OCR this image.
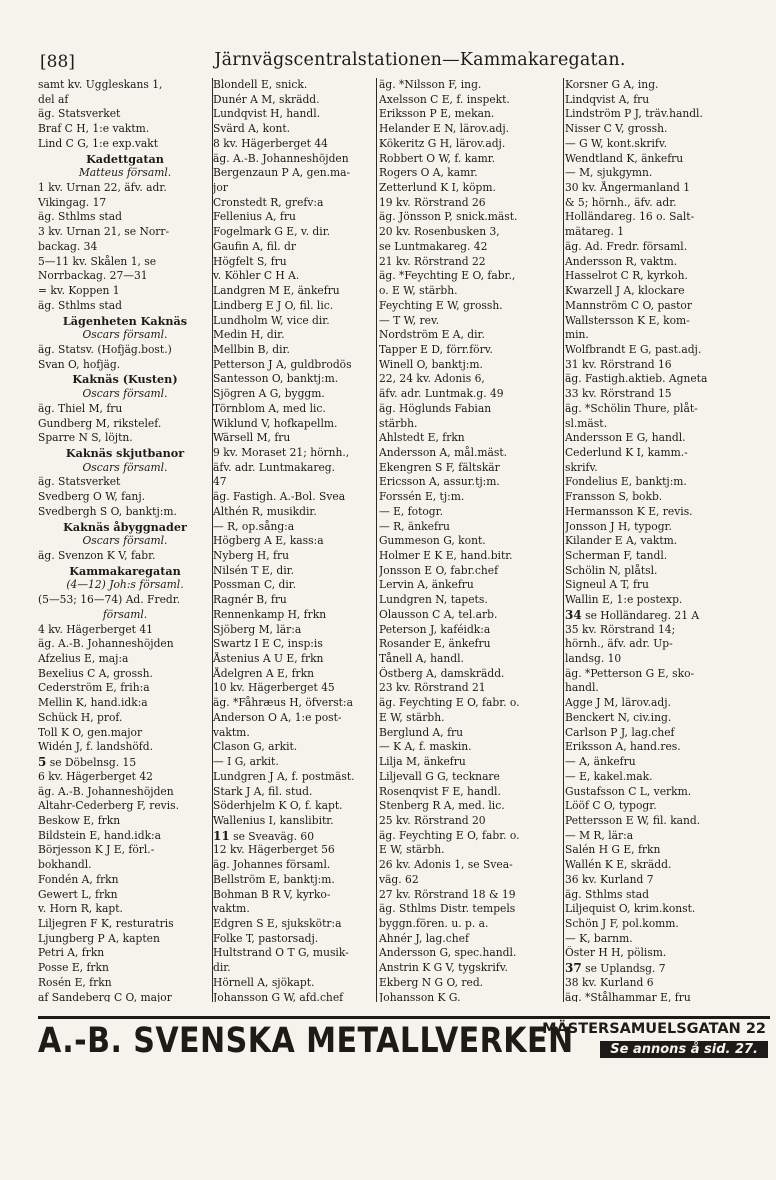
[88]	Järnvägscentralstationen—Kammakaregatan.
samt kv. Uggleskans 1,
del af
äg. Statsverket
Braf C H, 1:e vaktm.
Lind C G, 1:e exp.vakt
Kadettgatan
Matteus församl.
1 kv. Urnan 22, äfv. adr.
Vikingag. 17
äg. Sthlms stad
3 kv. Urnan 21, se Norr-
backag. 34
5—11 kv. Skålen 1, se
Norrbackag. 27—31
= kv. Koppen 1
äg. Sthlms stad
Lägenheten Kaknäs
Oscars församl.
äg. Statsv. (Hofjäg.bost.)
Svan O, hofjäg.
Kaknäs (Kusten)
Oscars församl.
äg. Thiel M, fru
Gundberg M, rikstelef.
Sparre N S, löjtn.
Kaknäs skjutbanor
Oscars församl.
äg. Statsverket
Svedberg O W, fanj.
Svedbergh S O, banktj:m.
Kaknäs åbyggnader
Oscars församl.
äg. Svenzon K V, fabr.
Kammakaregatan
(4—12) Joh:s församl.
(5—53; 16—74) Ad. Fredr.
församl.
4 kv. Hägerberget 41
äg. A.-B. Johanneshöjden
Afzelius E, maj:a
Bexelius C A, grossh.
Cederström E, frih:a
Mellin K, hand.idk:a
Schück H, prof.
Toll K O, gen.major
Widén J, f. landshöfd.
5 se Döbelnsg. 15
6 kv. Hägerberget 42
äg. A.-B. Johanneshöjden
Altahr-Cederberg F, revis.
Beskow E, frkn
Bildstein E, hand.idk:a
Börjesson K J E, förl.-
bokhandl.
Fondén A, frkn
Gewert L, frkn
v. Horn R, kapt.
Liljegren F K, resturatris
Ljungberg P A, kapten
Petri A, frkn
Posse E, frkn
Rosén E, frkn
af Sandeberg C O, major
Blondell E, snick.
Dunér A M, skrädd.
Lundqvist H, handl.
Svärd A, kont.
8 kv. Hägerberget 44
äg. A.-B. Johanneshöjden
Bergenzaun P A, gen.ma-
jor
Cronstedt R, grefv:a
Fellenius A, fru
Fogelmark G E, v. dir.
Gaufin A, fil. dr
Högfelt S, fru
v. Köhler C H A.
Landgren M E, änkefru
Lindberg E J O, fil. lic.
Lundholm W, vice dir.
Medin H, dir.
Mellbin B, dir.
Petterson J A, guldbrodös
Santesson O, banktj:m.
Sjögren A G, byggm.
Törnblom A, med lic.
Wiklund V, hofkapellm.
Wärsell M, fru
9 kv. Moraset 21; hörnh.,
äfv. adr. Luntmakareg.
47
äg. Fastigh. A.-Bol. Svea
Althén R, musikdir.
— R, op.sång:a
Högberg A E, kass:a
Nyberg H, fru
Nilsén T E, dir.
Possman C, dir.
Ragnér B, fru
Rennenkamp H, frkn
Sjöberg M, lär:a
Swartz I E C, insp:is
Åstenius A U E, frkn
Ådelgren A E, frkn
10 kv. Hägerberget 45
äg. *Fåhræus H, öfverst:a
Anderson O A, 1:e post-
vaktm.
Clason G, arkit.
— I G, arkit.
Lundgren J A, f. postmäst.
Stark J A, fil. stud.
Söderhjelm K O, f. kapt.
Wallenius I, kanslibitr.
11 se Sveaväg. 60
12 kv. Hägerberget 56
äg. Johannes församl.
Bellström E, banktj:m.
Bohman B R V, kyrko-
vaktm.
Edgren S E, sjukskötr:a
Folke T, pastorsadj.
Hultstrand O T G, musik-
dir.
Hörnell A, sjökapt.
Johansson G W, afd.chef
äg. *Nilsson F, ing.
Axelsson C E, f. inspekt.
Eriksson P E, mekan.
Helander E N, lärov.adj.
Kökeritz G H, lärov.adj.
Robbert O W, f. kamr.
Rogers O A, kamr.
Zetterlund K I, köpm.
19 kv. Rörstrand 26
äg. Jönsson P, snick.mäst.
20 kv. Rosenbusken 3,
se Luntmakareg. 42
21 kv. Rörstrand 22
äg. *Feychting E O, fabr.,
o. E W, stärbh.
Feychting E W, grossh.
— T W, rev.
Nordström E A, dir.
Tapper E D, förr.förv.
Winell O, banktj:m.
22, 24 kv. Adonis 6,
äfv. adr. Luntmak.g. 49
äg. Höglunds Fabian
stärbh.
Ahlstedt E, frkn
Andersson A, mål.mäst.
Ekengren S F, fältskär
Ericsson A, assur.tj:m.
Forssén E, tj:m.
— E, fotogr.
— R, änkefru
Gummeson G, kont.
Holmer E K E, hand.bitr.
Jonsson E O, fabr.chef
Lervin A, änkefru
Lundgren N, tapets.
Olausson C A, tel.arb.
Peterson J, kaféidk:a
Rosander E, änkefru
Tånell A, handl.
Östberg A, damskrädd.
23 kv. Rörstrand 21
äg. Feychting E O, fabr. o.
E W, stärbh.
Berglund A, fru
— K A, f. maskin.
Lilja M, änkefru
Liljevall G G, tecknare
Rosenqvist F E, handl.
Stenberg R A, med. lic.
25 kv. Rörstrand 20
äg. Feychting E O, fabr. o.
E W, stärbh.
26 kv. Adonis 1, se Svea-
väg. 62
27 kv. Rörstrand 18 & 19
äg. Sthlms Distr. tempels
byggn.fören. u. p. a.
Ahnér J, lag.chef
Andersson G, spec.handl.
Anstrin K G V, tygskrifv.
Ekberg N G O, red.
Johansson K G.
Korsner G A, ing.
Lindqvist A, fru
Lindström P J, träv.handl.
Nisser C V, grossh.
— G W, kont.skrifv.
Wendtland K, änkefru
— M, sjukgymn.
30 kv. Ångermanland 1
& 5; hörnh., äfv. adr.
Holländareg. 16 o. Salt-
mätareg. 1
äg. Ad. Fredr. församl.
Andersson R, vaktm.
Hasselrot C R, kyrkoh.
Kwarzell J A, klockare
Mannström C O, pastor
Wallstersson K E, kom-
min.
Wolfbrandt E G, past.adj.
31 kv. Rörstrand 16
äg. Fastigh.aktieb. Agneta
33 kv. Rörstrand 15
äg. *Schölin Thure, plåt-
sl.mäst.
Andersson E G, handl.
Cederlund K I, kamm.-
skrifv.
Fondelius E, banktj:m.
Fransson S, bokb.
Hermansson K E, revis.
Jonsson J H, typogr.
Kilander E A, vaktm.
Scherman F, tandl.
Schölin N, plåtsl.
Signeul A T, fru
Wallin E, 1:e postexp.
34 se Holländareg. 21 A
35 kv. Rörstrand 14;
hörnh., äfv. adr. Up-
landsg. 10
äg. *Petterson G E, sko-
handl.
Agge J M, lärov.adj.
Benckert N, civ.ing.
Carlson P J, lag.chef
Eriksson A, hand.res.
— A, änkefru
— E, kakel.mak.
Gustafsson C L, verkm.
Lööf C O, typogr.
Pettersson E W, fil. kand.
— M R, lär:a
Salén H G E, frkn
Wallén K E, skrädd.
36 kv. Kurland 7
äg. Sthlms stad
Liljequist O, krim.konst.
Schön J F, pol.komm.
— K, barnm.
Öster H H, pölism.
37 se Uplandsg. 7
38 kv. Kurland 6
äg. *Stålhammar E, fru
A.-B. SVENSKA METALLVERKEN
MÄSTERSAMUELSGATAN 22
Se annons å sid. 27.
